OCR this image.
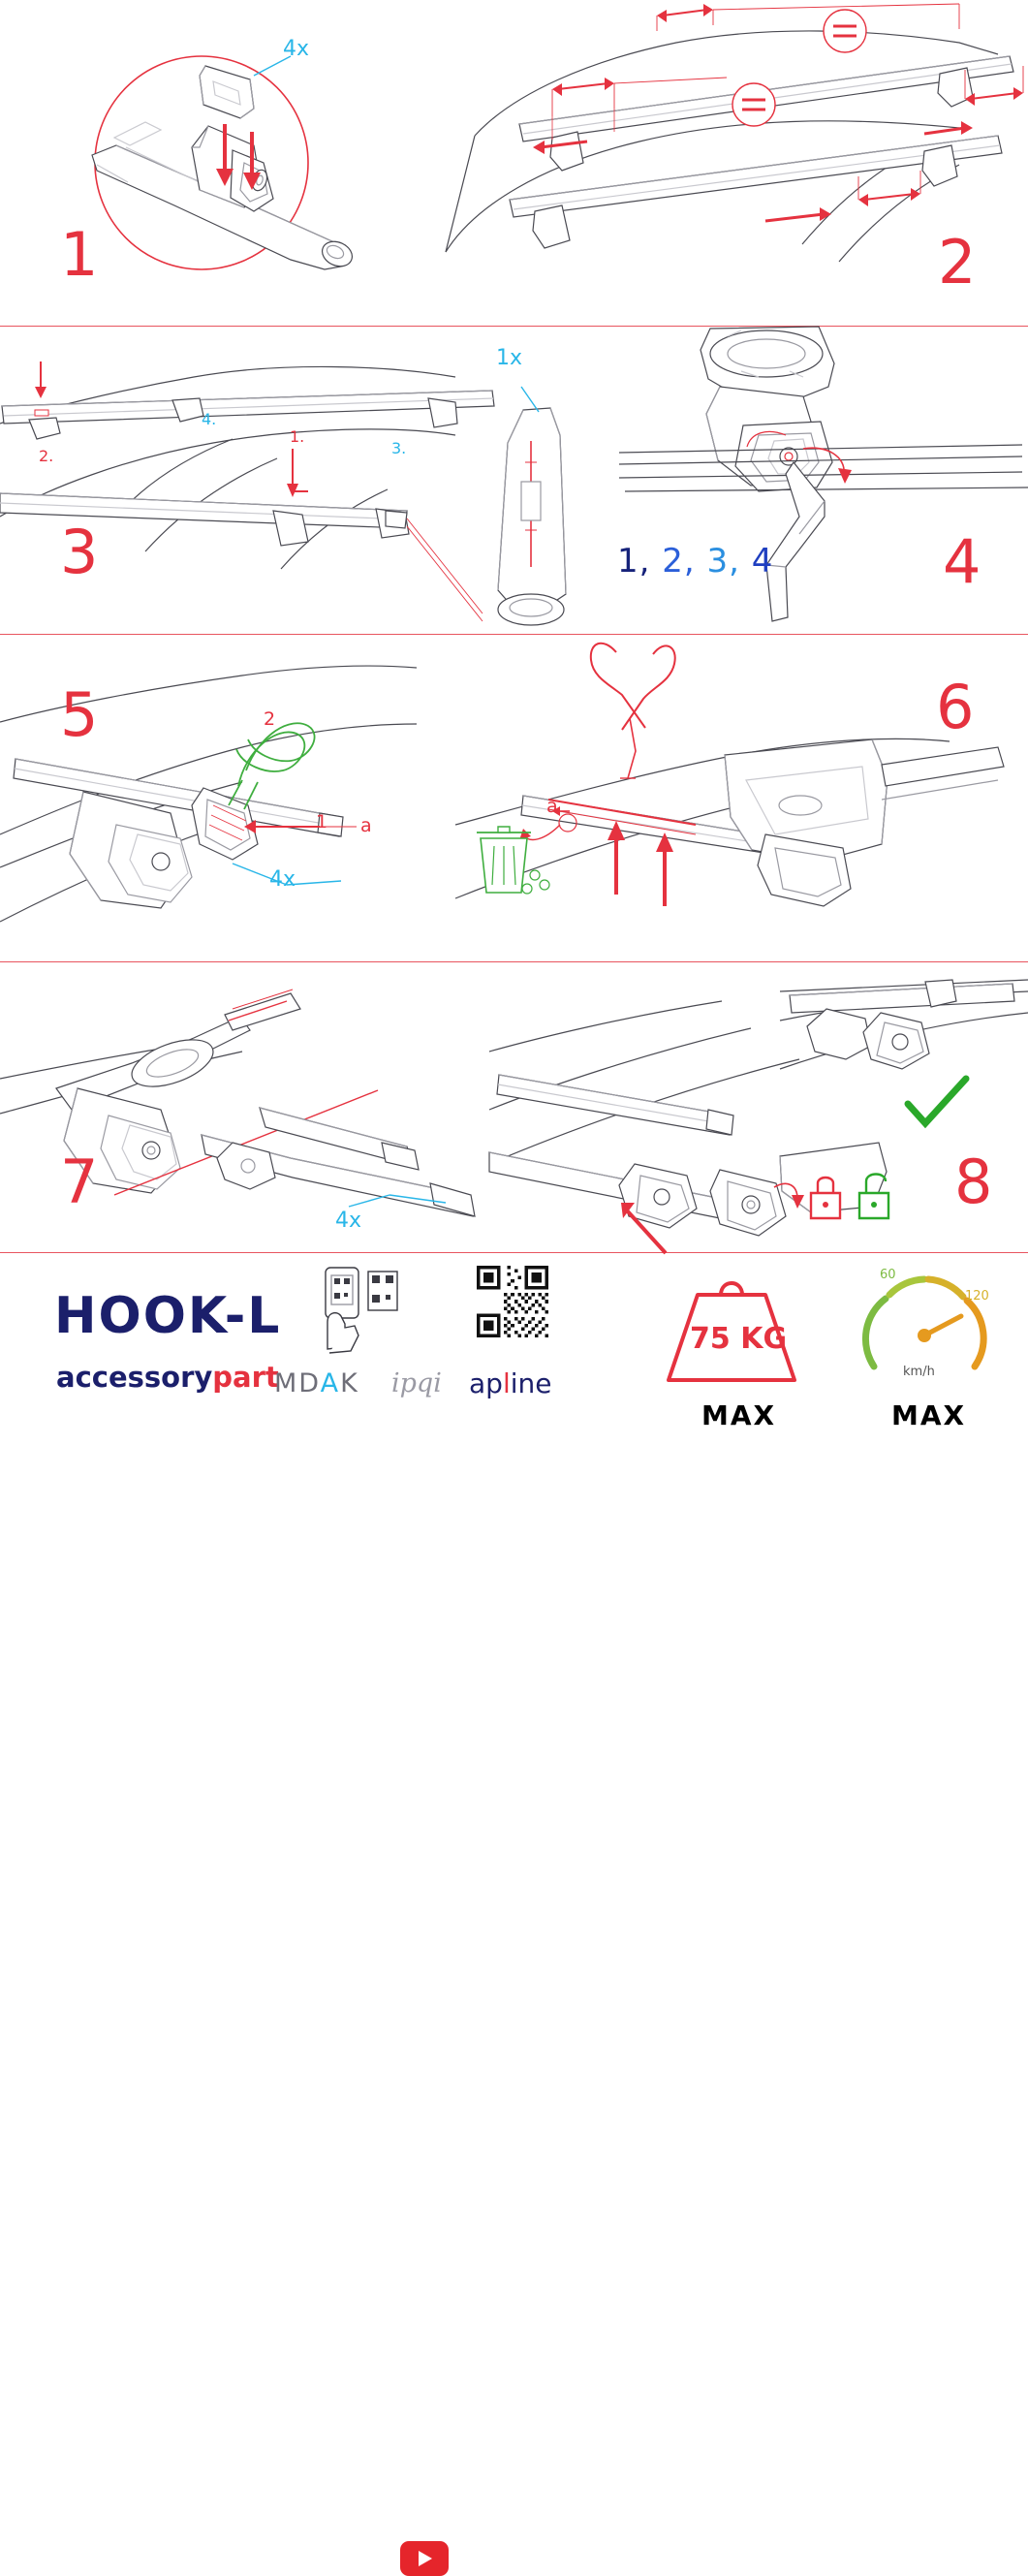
4x
1	2
1x
1.
2.	3.
4.
3	1, 2, 3, 4	4
5
1
2
a
4x
a
6
7
4x
8
HOOK-L
accessorypart
MDAK ipqi apline
75 KG
MAX
60
120
km/h
MAX
